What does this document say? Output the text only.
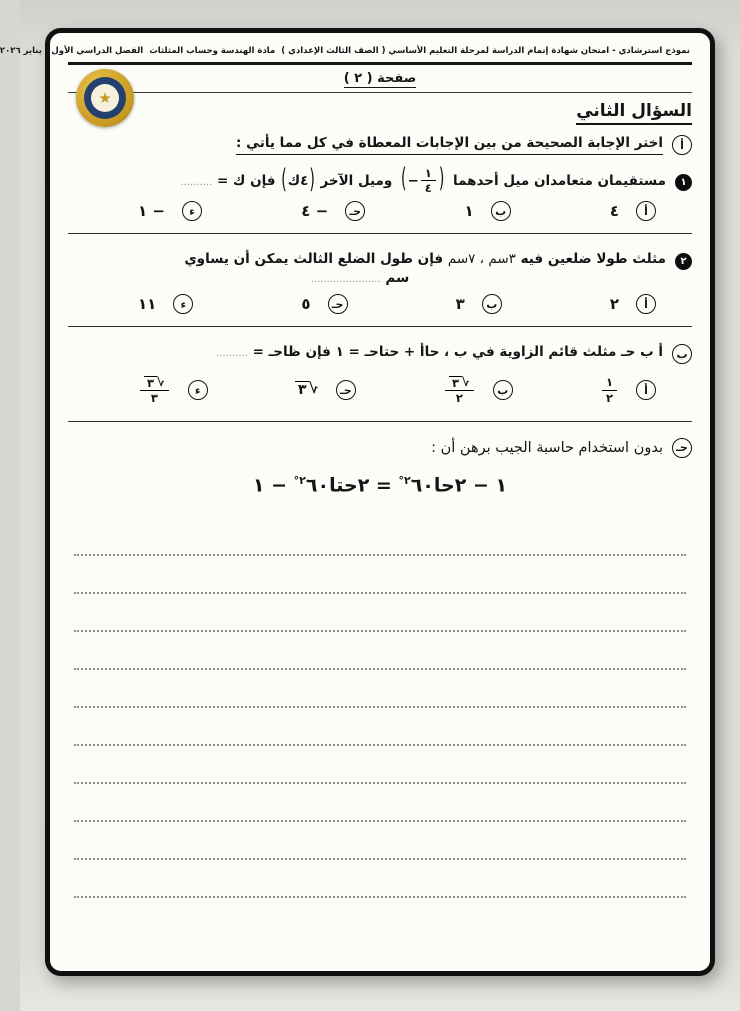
نموذج استرشادي - امتحان شهادة إتمام الدراسة لمرحلة التعليم الأساسي ( الصف الثالث الإعدادي )
مادة الهندسة وحساب المثلثات
الفصل الدراسي الأول - يناير ٢٠٢٦
صفحة ( ٢ )
★
السؤال الثاني
أ
اختر الإجابة الصحيحة من بين الإجابات المعطاة في كل مما يأتي :
١
مستقيمان متعامدان ميل أحدهما
( − ١
٤ )
وميل الآخر (٤ك) فإن ك = ..........
أ
٤
ب
١
حـ
− ٤
ء
− ١
٢
مثلث طولا ضلعين فيه ٣سم ، ٧سم فإن طول الضلع الثالث يمكن أن يساوي
سم ......................
أ
٢
ب
٣
حـ
٥
ء
١١
ب
أ ب حـ مثلث قائم الزاوية في ب ، حاأ + حتاحـ = ١ فإن ظاحـ = ..........
أ
١
٢
ب
√
٣
٢
حـ
√
٣
ء
√
٣
٣
حـ
بدون استخدام حاسبة الجيب برهن أن :
١ − ٢حا$^٢$٦٠° = ٢حتا$^٢$٦٠° − ١
